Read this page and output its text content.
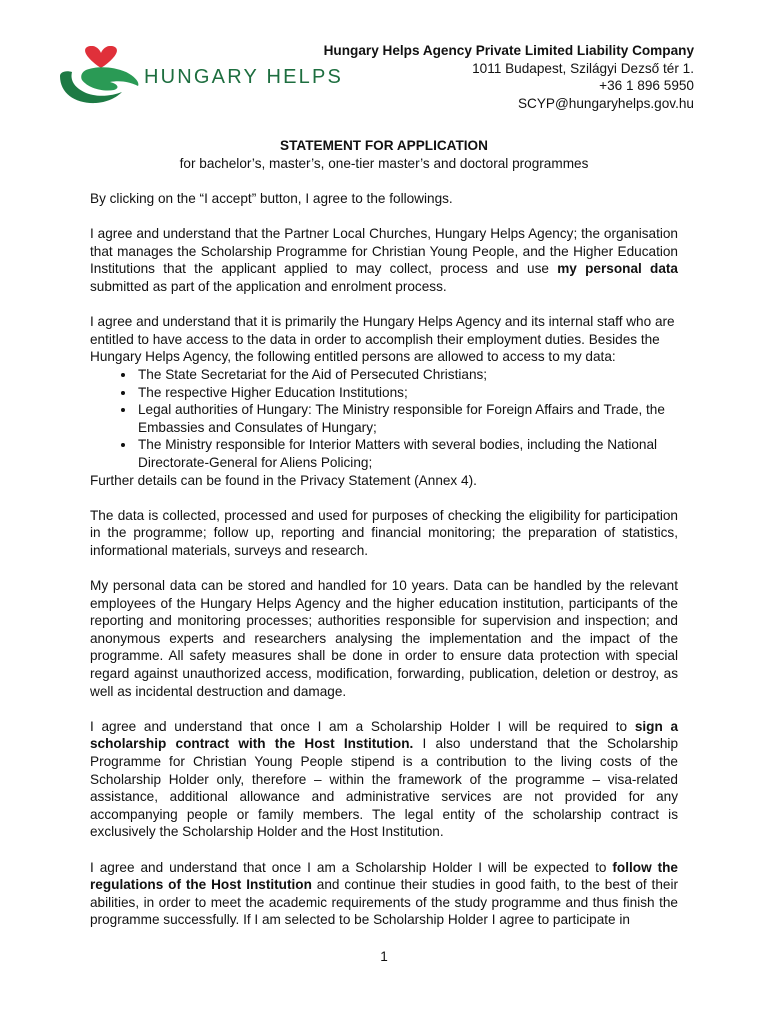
HUNGARY HELPS
Hungary Helps Agency Private Limited Liability Company
1011 Budapest, Szilágyi Dezső tér 1.
+36 1 896 5950
SCYP@hungaryhelps.gov.hu
STATEMENT FOR APPLICATION
for bachelor’s, master’s, one-tier master’s and doctoral programmes

By clicking on the “I accept” button, I agree to the followings.

I agree and understand that the Partner Local Churches, Hungary Helps Agency; the organisation that manages the Scholarship Programme for Christian Young People, and the Higher Education Institutions that the applicant applied to may collect, process and use my personal data submitted as part of the application and enrolment process.

I agree and understand that it is primarily the Hungary Helps Agency and its internal staff who are entitled to have access to the data in order to accomplish their employment duties. Besides the Hungary Helps Agency, the following entitled persons are allowed to access to my data:

• The State Secretariat for the Aid of Persecuted Christians;
• The respective Higher Education Institutions;
• Legal authorities of Hungary: The Ministry responsible for Foreign Affairs and Trade, the Embassies and Consulates of Hungary;
• The Ministry responsible for Interior Matters with several bodies, including the National Directorate-General for Aliens Policing;

Further details can be found in the Privacy Statement (Annex 4).

The data is collected, processed and used for purposes of checking the eligibility for participation in the programme; follow up, reporting and financial monitoring; the preparation of statistics, informational materials, surveys and research.

My personal data can be stored and handled for 10 years. Data can be handled by the relevant employees of the Hungary Helps Agency and the higher education institution, participants of the reporting and monitoring processes; authorities responsible for supervision and inspection; and anonymous experts and researchers analysing the implementation and the impact of the programme. All safety measures shall be done in order to ensure data protection with special regard against unauthorized access, modification, forwarding, publication, deletion or destroy, as well as incidental destruction and damage.

I agree and understand that once I am a Scholarship Holder I will be required to sign a scholarship contract with the Host Institution. I also understand that the Scholarship Programme for Christian Young People stipend is a contribution to the living costs of the Scholarship Holder only, therefore – within the framework of the programme – visa-related assistance, additional allowance and administrative services are not provided for any accompanying people or family members. The legal entity of the scholarship contract is exclusively the Scholarship Holder and the Host Institution.

I agree and understand that once I am a Scholarship Holder I will be expected to follow the regulations of the Host Institution and continue their studies in good faith, to the best of their abilities, in order to meet the academic requirements of the study programme and thus finish the programme successfully. If I am selected to be Scholarship Holder I agree to participate in

1
